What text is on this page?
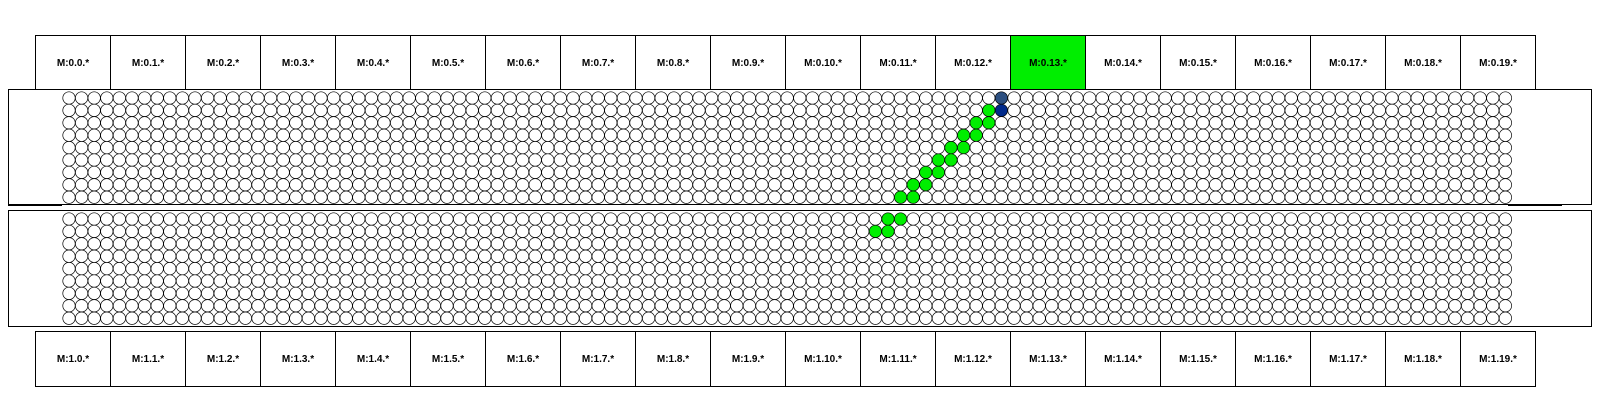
M:0.0.*	M:0.1.*	M:0.2.*	M:0.3.*	M:0.4.*	M:0.5.*	M:0.6.*	M:0.7.*	M:0.8.*	M:0.9.*	M:0.10.*	M:0.11.*	M:0.12.*	M:0.13.*	M:0.14.*	M:0.15.*	M:0.16.*	M:0.17.*	M:0.18.*	M:0.19.*
M:1.0.*	M:1.1.*	M:1.2.*	M:1.3.*	M:1.4.*	M:1.5.*	M:1.6.*	M:1.7.*	M:1.8.*	M:1.9.*	M:1.10.*	M:1.11.*	M:1.12.*	M:1.13.*	M:1.14.*	M:1.15.*	M:1.16.*	M:1.17.*	M:1.18.*	M:1.19.*
